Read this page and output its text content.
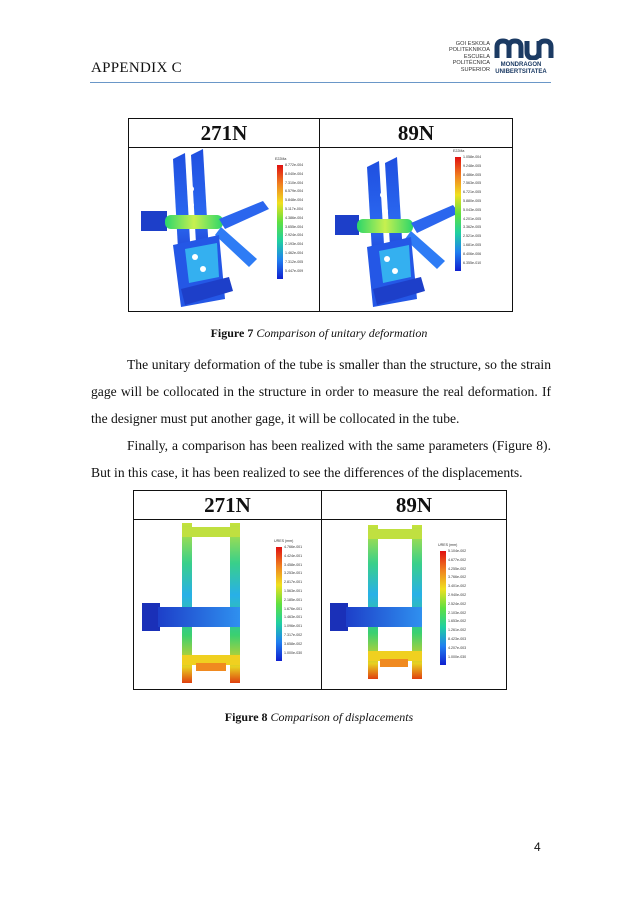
APPENDIX C
GOI ESKOLA
POLITEKNIKOA
ESCUELA
POLITÉCNICA
SUPERIOR
MONDRAGON
UNIBERTSITATEA
271N	89N
E22Ma
8.772e-004
8.040e-004
7.310e-004
6.579e-004
5.848e-004
5.117e-004
4.386e-004
3.655e-004
2.924e-004
2.193e-004
1.462e-004
7.312e-005
5.447e-009
E22Ma
1.058e-004
9.248e-005
8.486e-005
7.563e-005
6.721e-005
5.880e-005
5.043e-005
4.201e-005
3.362e-005
2.521e-005
1.681e-005
8.406e-006
6.355e-010
Figure 7 Comparison of unitary deformation
The unitary deformation of the tube is smaller than the structure, so the strain gage will be collocated in the structure in order to measure the real deformation. If the designer must put another gage, it will be collocated in the tube.
Finally, a comparison has been realized with the same parameters (Figure 8). But in this case, it has been realized to see the differences of the displacements.
271N	89N
URES (mm)
4.766e-001
4.424e-001
3.458e-001
3.253e-001
2.817e-001
1.563e-001
2.185e-001
1.676e-001
1.463e-001
1.096e-001
7.317e-002
3.658e-002
1.000e-030
URES (mm)
5.104e-002
4.677e-002
4.255e-002
3.766e-002
3.401e-002
2.940e-002
2.524e-002
2.103e-002
1.653e-002
1.261e-002
8.423e-003
4.207e-003
1.000e-030
Figure 8 Comparison of displacements
4
